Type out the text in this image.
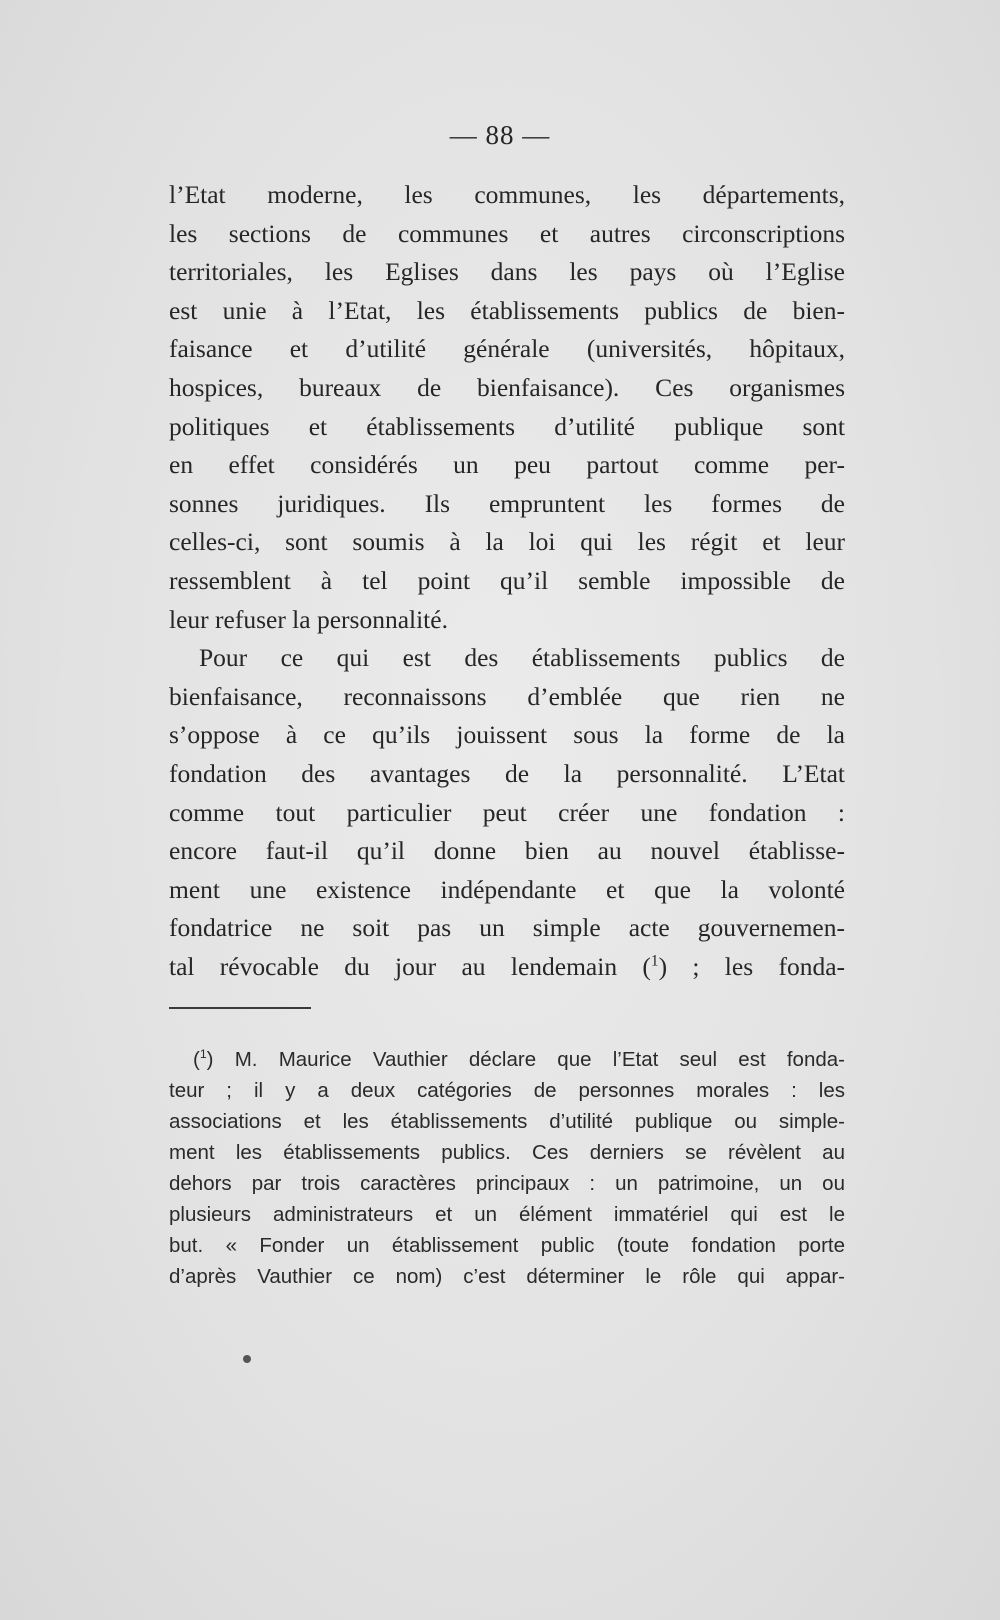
— 88 —
l’Etat moderne, les communes, les départements,
les sections de communes et autres circonscriptions
territoriales, les Eglises dans les pays où l’Eglise
est unie à l’Etat, les établissements publics de bien-
faisance et d’utilité générale (universités, hôpitaux,
hospices, bureaux de bienfaisance). Ces organismes
politiques et établissements d’utilité publique sont
en effet considérés un peu partout comme per-
sonnes juridiques. Ils empruntent les formes de
celles-ci, sont soumis à la loi qui les régit et leur
ressemblent à tel point qu’il semble impossible de
leur refuser la personnalité.
Pour ce qui est des établissements publics de
bienfaisance, reconnaissons d’emblée que rien ne
s’oppose à ce qu’ils jouissent sous la forme de la
fondation des avantages de la personnalité. L’Etat
comme tout particulier peut créer une fondation :
encore faut-il qu’il donne bien au nouvel établisse-
ment une existence indépendante et que la volonté
fondatrice ne soit pas un simple acte gouvernemen-
tal révocable du jour au lendemain ($^1$) ; les fonda-
($^1$) M. Maurice Vauthier déclare que l’Etat seul est fonda-
teur ; il y a deux catégories de personnes morales : les
associations et les établissements d’utilité publique ou simple-
ment les établissements publics. Ces derniers se révèlent au
dehors par trois caractères principaux : un patrimoine, un ou
plusieurs administrateurs et un élément immatériel qui est le
but. « Fonder un établissement public (toute fondation porte
d’après Vauthier ce nom) c’est déterminer le rôle qui appar-
